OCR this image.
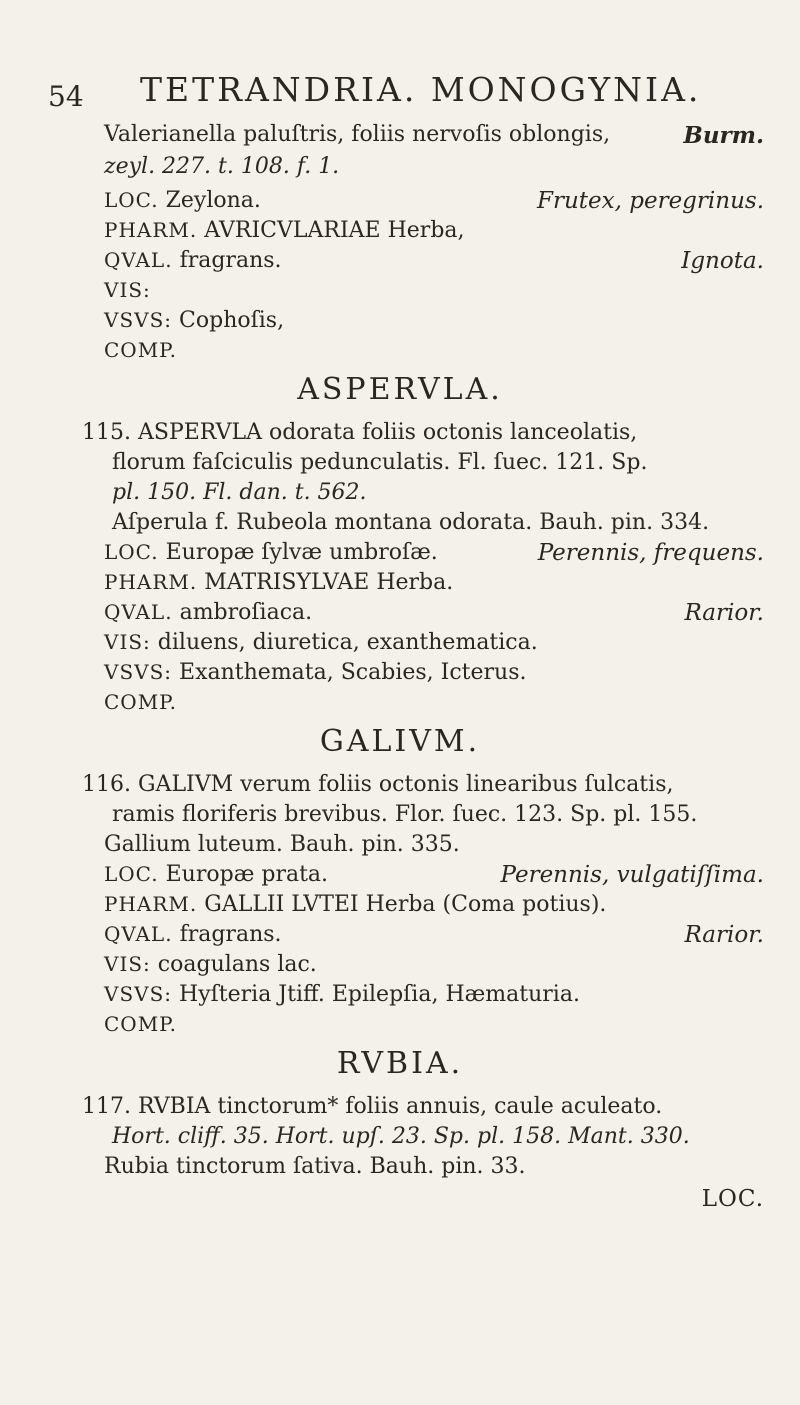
54 TETRANDRIA. MONOGYNIA.
Valerianella paluſtris, foliis nervoſis oblongis,	Burm.
zeyl. 227. t. 108. f. 1.
LOC. Zeylona.	Frutex, peregrinus.
PHARM. AVRICVLARIAE Herba,
QVAL. fragrans.	Ignota.
VIS:
VSVS: Cophoſis,
COMP.
ASPERVLA.
115. ASPERVLA odorata foliis octonis lanceolatis,
florum faſciculis pedunculatis. Fl. ſuec. 121. Sp.
pl. 150. Fl. dan. t. 562.
Aſperula f. Rubeola montana odorata. Bauh. pin. 334.
LOC. Europæ ſylvæ umbroſæ.	Perennis, frequens.
PHARM. MATRISYLVAE Herba.
QVAL. ambroſiaca.	Rarior.
VIS: diluens, diuretica, exanthematica.
VSVS: Exanthemata, Scabies, Icterus.
COMP.
GALIVM.
116. GALIVM verum foliis octonis linearibus ſulcatis,
ramis floriferis brevibus. Flor. ſuec. 123. Sp. pl. 155.
Gallium luteum. Bauh. pin. 335.
LOC. Europæ prata.	Perennis, vulgatiſſima.
PHARM. GALLII LVTEI Herba (Coma potius).
QVAL. fragrans.	Rarior.
VIS: coagulans lac.
VSVS: Hyſteria Jtiff. Epilepſia, Hæmaturia.
COMP.
RVBIA.
117. RVBIA tinctorum* foliis annuis, caule aculeato.
Hort. cliff. 35. Hort. upſ. 23. Sp. pl. 158. Mant. 330.
Rubia tinctorum ſativa. Bauh. pin. 33.
LOC.
